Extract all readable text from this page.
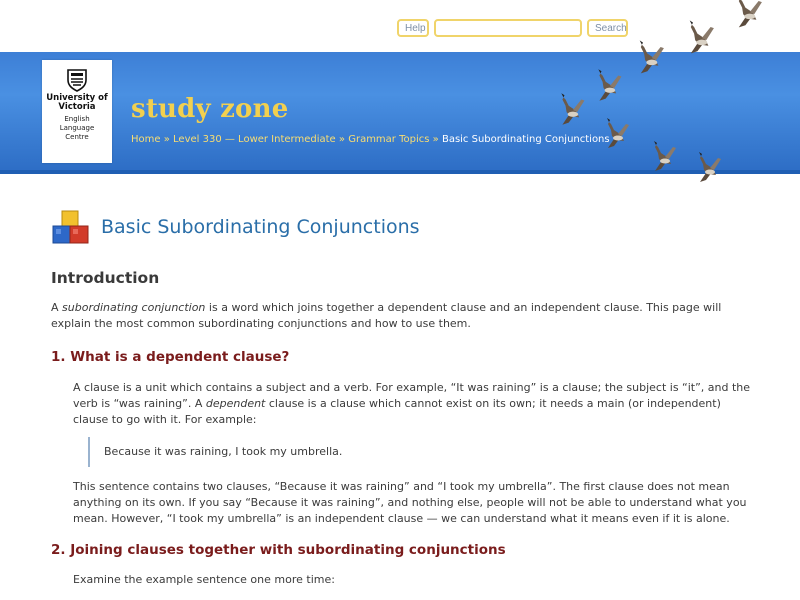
Help	Search
University of Victoria
English
Language
Centre
study zone
Home » Level 330 — Lower Intermediate » Grammar Topics » Basic Subordinating Conjunctions
Basic Subordinating Conjunctions
Introduction

A subordinating conjunction is a word which joins together a dependent clause and an independent clause. This page will explain the most common subordinating conjunctions and how to use them.

1. What is a dependent clause?

A clause is a unit which contains a subject and a verb. For example, “It was raining” is a clause; the subject is “it”, and the verb is “was raining”. A dependent clause is a clause which cannot exist on its own; it needs a main (or independent) clause to go with it. For example:

Because it was raining, I took my umbrella.

This sentence contains two clauses, “Because it was raining” and “I took my umbrella”. The first clause does not mean anything on its own. If you say “Because it was raining”, and nothing else, people will not be able to understand what you mean. However, “I took my umbrella” is an independent clause — we can understand what it means even if it is alone.

2. Joining clauses together with subordinating conjunctions

Examine the example sentence one more time:
